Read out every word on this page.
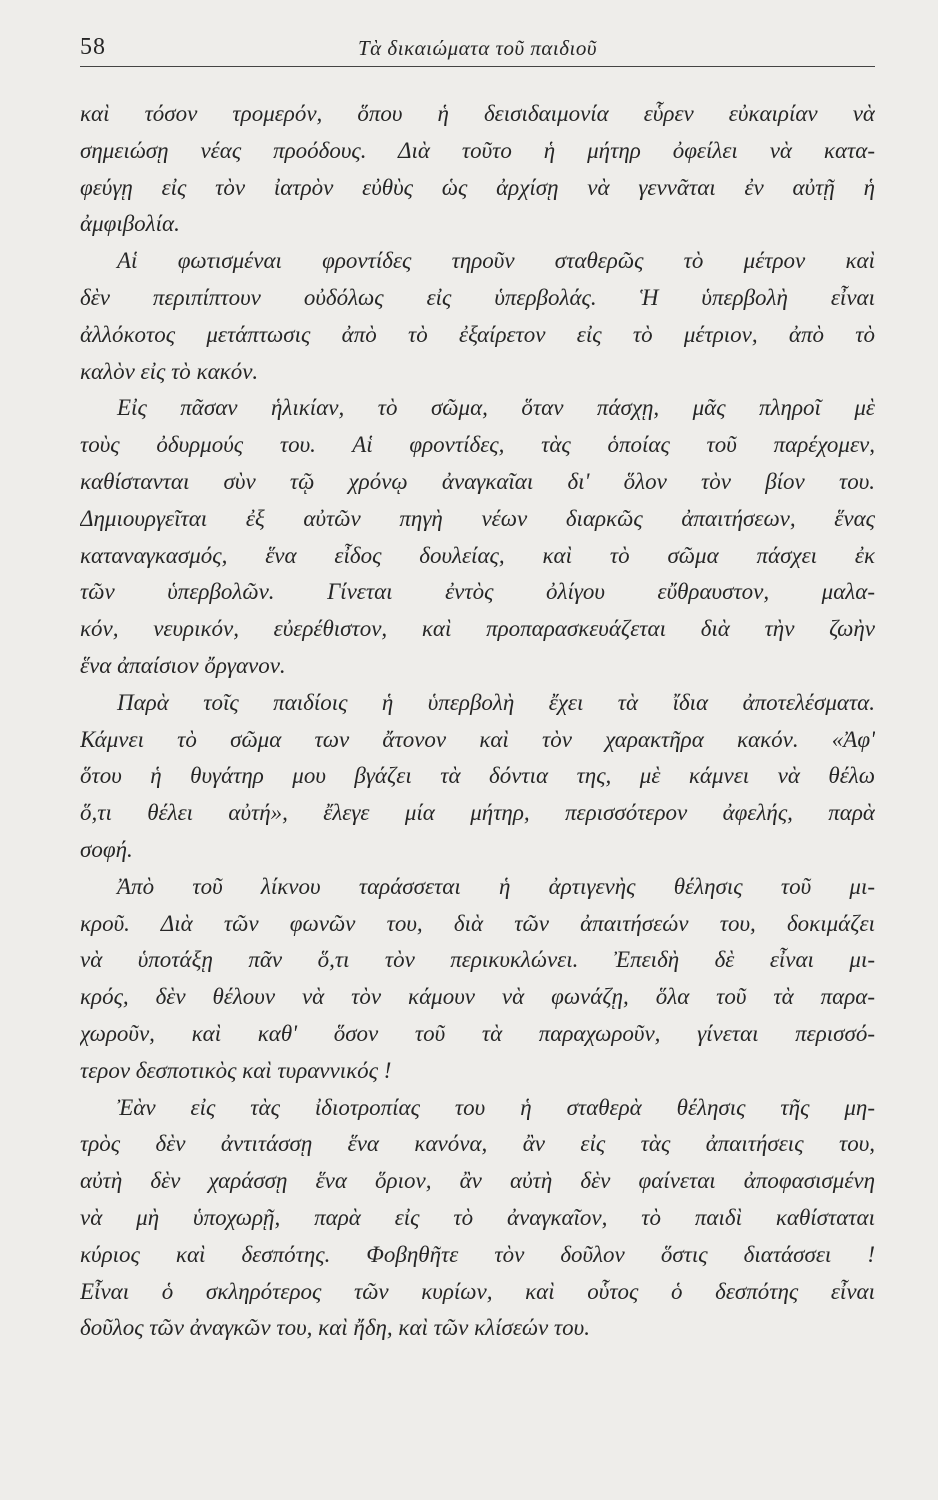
58	Τὰ δικαιώματα τοῦ παιδιοῦ
καὶ τόσον τρομερόν, ὅπου ἡ δεισιδαιμονία εὗρεν εὐκαιρίαν νὰ
σημειώσῃ νέας προόδους. Διὰ τοῦτο ἡ μήτηρ ὀφείλει νὰ κατα-
φεύγῃ εἰς τὸν ἰατρὸν εὐθὺς ὡς ἀρχίσῃ νὰ γεννᾶται ἐν αὐτῇ ἡ
ἀμφιβολία.
Αἱ φωτισμέναι φροντίδες τηροῦν σταθερῶς τὸ μέτρον καὶ
δὲν περιπίπτουν οὐδόλως εἰς ὑπερβολάς. Ἡ ὑπερβολὴ εἶναι
ἀλλόκοτος μετάπτωσις ἀπὸ τὸ ἐξαίρετον εἰς τὸ μέτριον, ἀπὸ τὸ
καλὸν εἰς τὸ κακόν.
Εἰς πᾶσαν ἡλικίαν, τὸ σῶμα, ὅταν πάσχῃ, μᾶς πληροῖ μὲ
τοὺς ὀδυρμούς του. Αἱ φροντίδες, τὰς ὁποίας τοῦ παρέχομεν,
καθίστανται σὺν τῷ χρόνῳ ἀναγκαῖαι δι' ὅλον τὸν βίον του.
Δημιουργεῖται ἐξ αὐτῶν πηγὴ νέων διαρκῶς ἀπαιτήσεων, ἕνας
καταναγκασμός, ἕνα εἶδος δουλείας, καὶ τὸ σῶμα πάσχει ἐκ
τῶν ὑπερβολῶν. Γίνεται ἐντὸς ὀλίγου εὔθραυστον, μαλα-
κόν, νευρικόν, εὐερέθιστον, καὶ προπαρασκευάζεται διὰ τὴν ζωὴν
ἕνα ἀπαίσιον ὄργανον.
Παρὰ τοῖς παιδίοις ἡ ὑπερβολὴ ἔχει τὰ ἴδια ἀποτελέσματα.
Κάμνει τὸ σῶμα των ἄτονον καὶ τὸν χαρακτῆρα κακόν. «Ἀφ'
ὅτου ἡ θυγάτηρ μου βγάζει τὰ δόντια της, μὲ κάμνει νὰ θέλω
ὅ,τι θέλει αὐτή», ἔλεγε μία μήτηρ, περισσότερον ἀφελής, παρὰ
σοφή.
Ἀπὸ τοῦ λίκνου ταράσσεται ἡ ἀρτιγενὴς θέλησις τοῦ μι-
κροῦ. Διὰ τῶν φωνῶν του, διὰ τῶν ἀπαιτήσεών του, δοκιμάζει
νὰ ὑποτάξῃ πᾶν ὅ,τι τὸν περικυκλώνει. Ἐπειδὴ δὲ εἶναι μι-
κρός, δὲν θέλουν νὰ τὸν κάμουν νὰ φωνάζῃ, ὅλα τοῦ τὰ παρα-
χωροῦν, καὶ καθ' ὅσον τοῦ τὰ παραχωροῦν, γίνεται περισσό-
τερον δεσποτικὸς καὶ τυραννικός !
Ἐὰν εἰς τὰς ἰδιοτροπίας του ἡ σταθερὰ θέλησις τῆς μη-
τρὸς δὲν ἀντιτάσσῃ ἕνα κανόνα, ἂν εἰς τὰς ἀπαιτήσεις του,
αὐτὴ δὲν χαράσσῃ ἕνα ὅριον, ἂν αὐτὴ δὲν φαίνεται ἀποφασισμένη
νὰ μὴ ὑποχωρῇ, παρὰ εἰς τὸ ἀναγκαῖον, τὸ παιδὶ καθίσταται
κύριος καὶ δεσπότης. Φοβηθῆτε τὸν δοῦλον ὅστις διατάσσει !
Εἶναι ὁ σκληρότερος τῶν κυρίων, καὶ οὗτος ὁ δεσπότης εἶναι
δοῦλος τῶν ἀναγκῶν του, καὶ ἤδη, καὶ τῶν κλίσεών του.
